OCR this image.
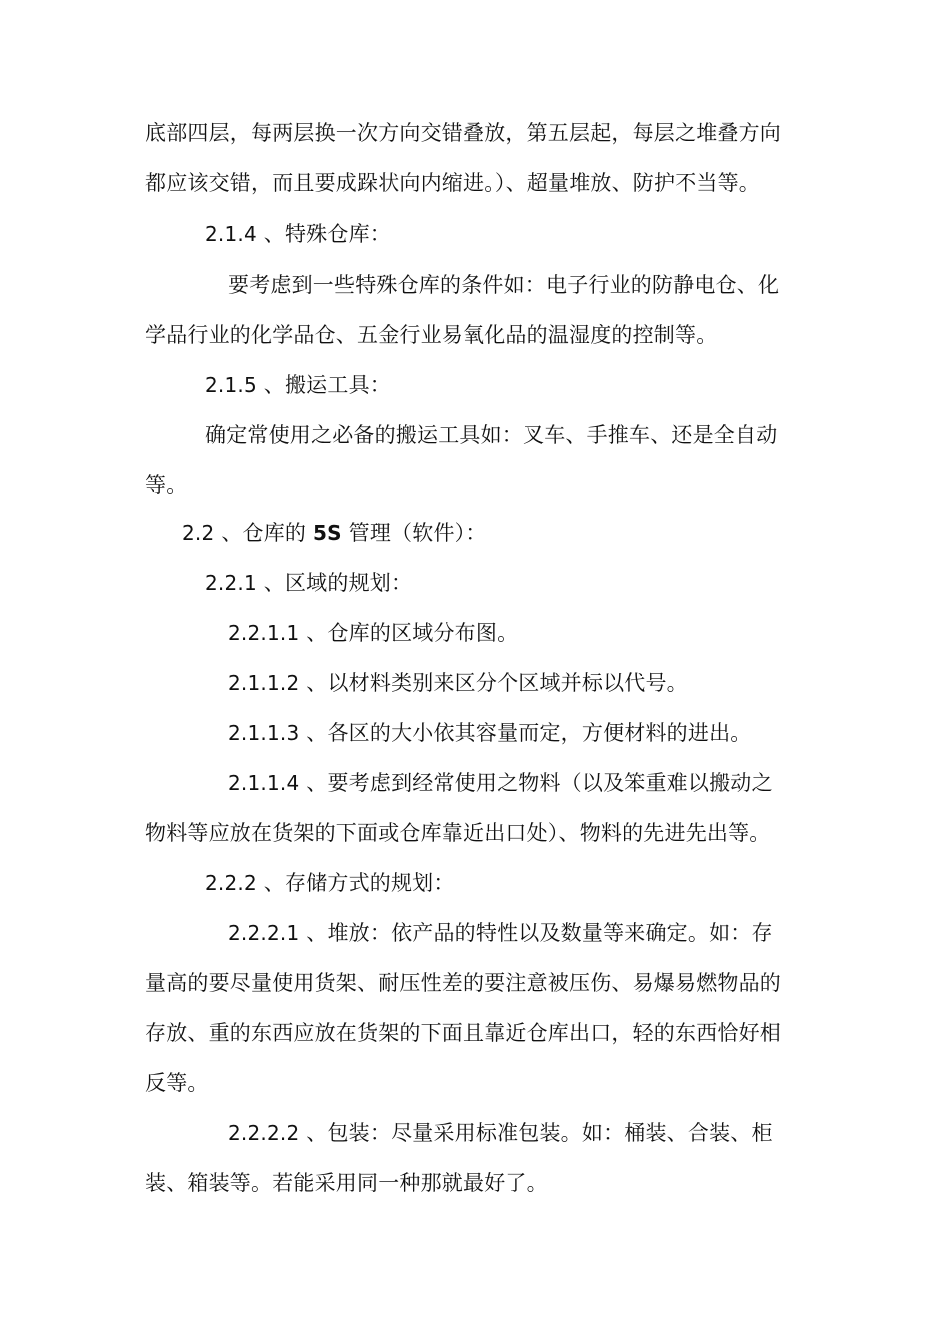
底部四层，每两层换一次方向交错叠放，第五层起，每层之堆叠方向
都应该交错，而且要成跺状向内缩进。）、超量堆放、防护不当等。
2.1.4 、特殊仓库：
要考虑到一些特殊仓库的条件如：电子行业的防静电仓、化
学品行业的化学品仓、五金行业易氧化品的温湿度的控制等。
2.1.5 、搬运工具：
确定常使用之必备的搬运工具如：叉车、手推车、还是全自动
等。
2.2 、仓库的 5S 管理（软件）：
2.2.1 、区域的规划：
2.2.1.1 、仓库的区域分布图。
2.1.1.2 、以材料类别来区分个区域并标以代号。
2.1.1.3 、各区的大小依其容量而定，方便材料的进出。
2.1.1.4 、要考虑到经常使用之物料（以及笨重难以搬动之
物料等应放在货架的下面或仓库靠近出口处）、物料的先进先出等。
2.2.2 、存储方式的规划：
2.2.2.1 、堆放：依产品的特性以及数量等来确定。如：存
量高的要尽量使用货架、耐压性差的要注意被压伤、易爆易燃物品的
存放、重的东西应放在货架的下面且靠近仓库出口，轻的东西恰好相
反等。
2.2.2.2 、包装：尽量采用标准包装。如：桶装、合装、柜
装、箱装等。若能采用同一种那就最好了。
